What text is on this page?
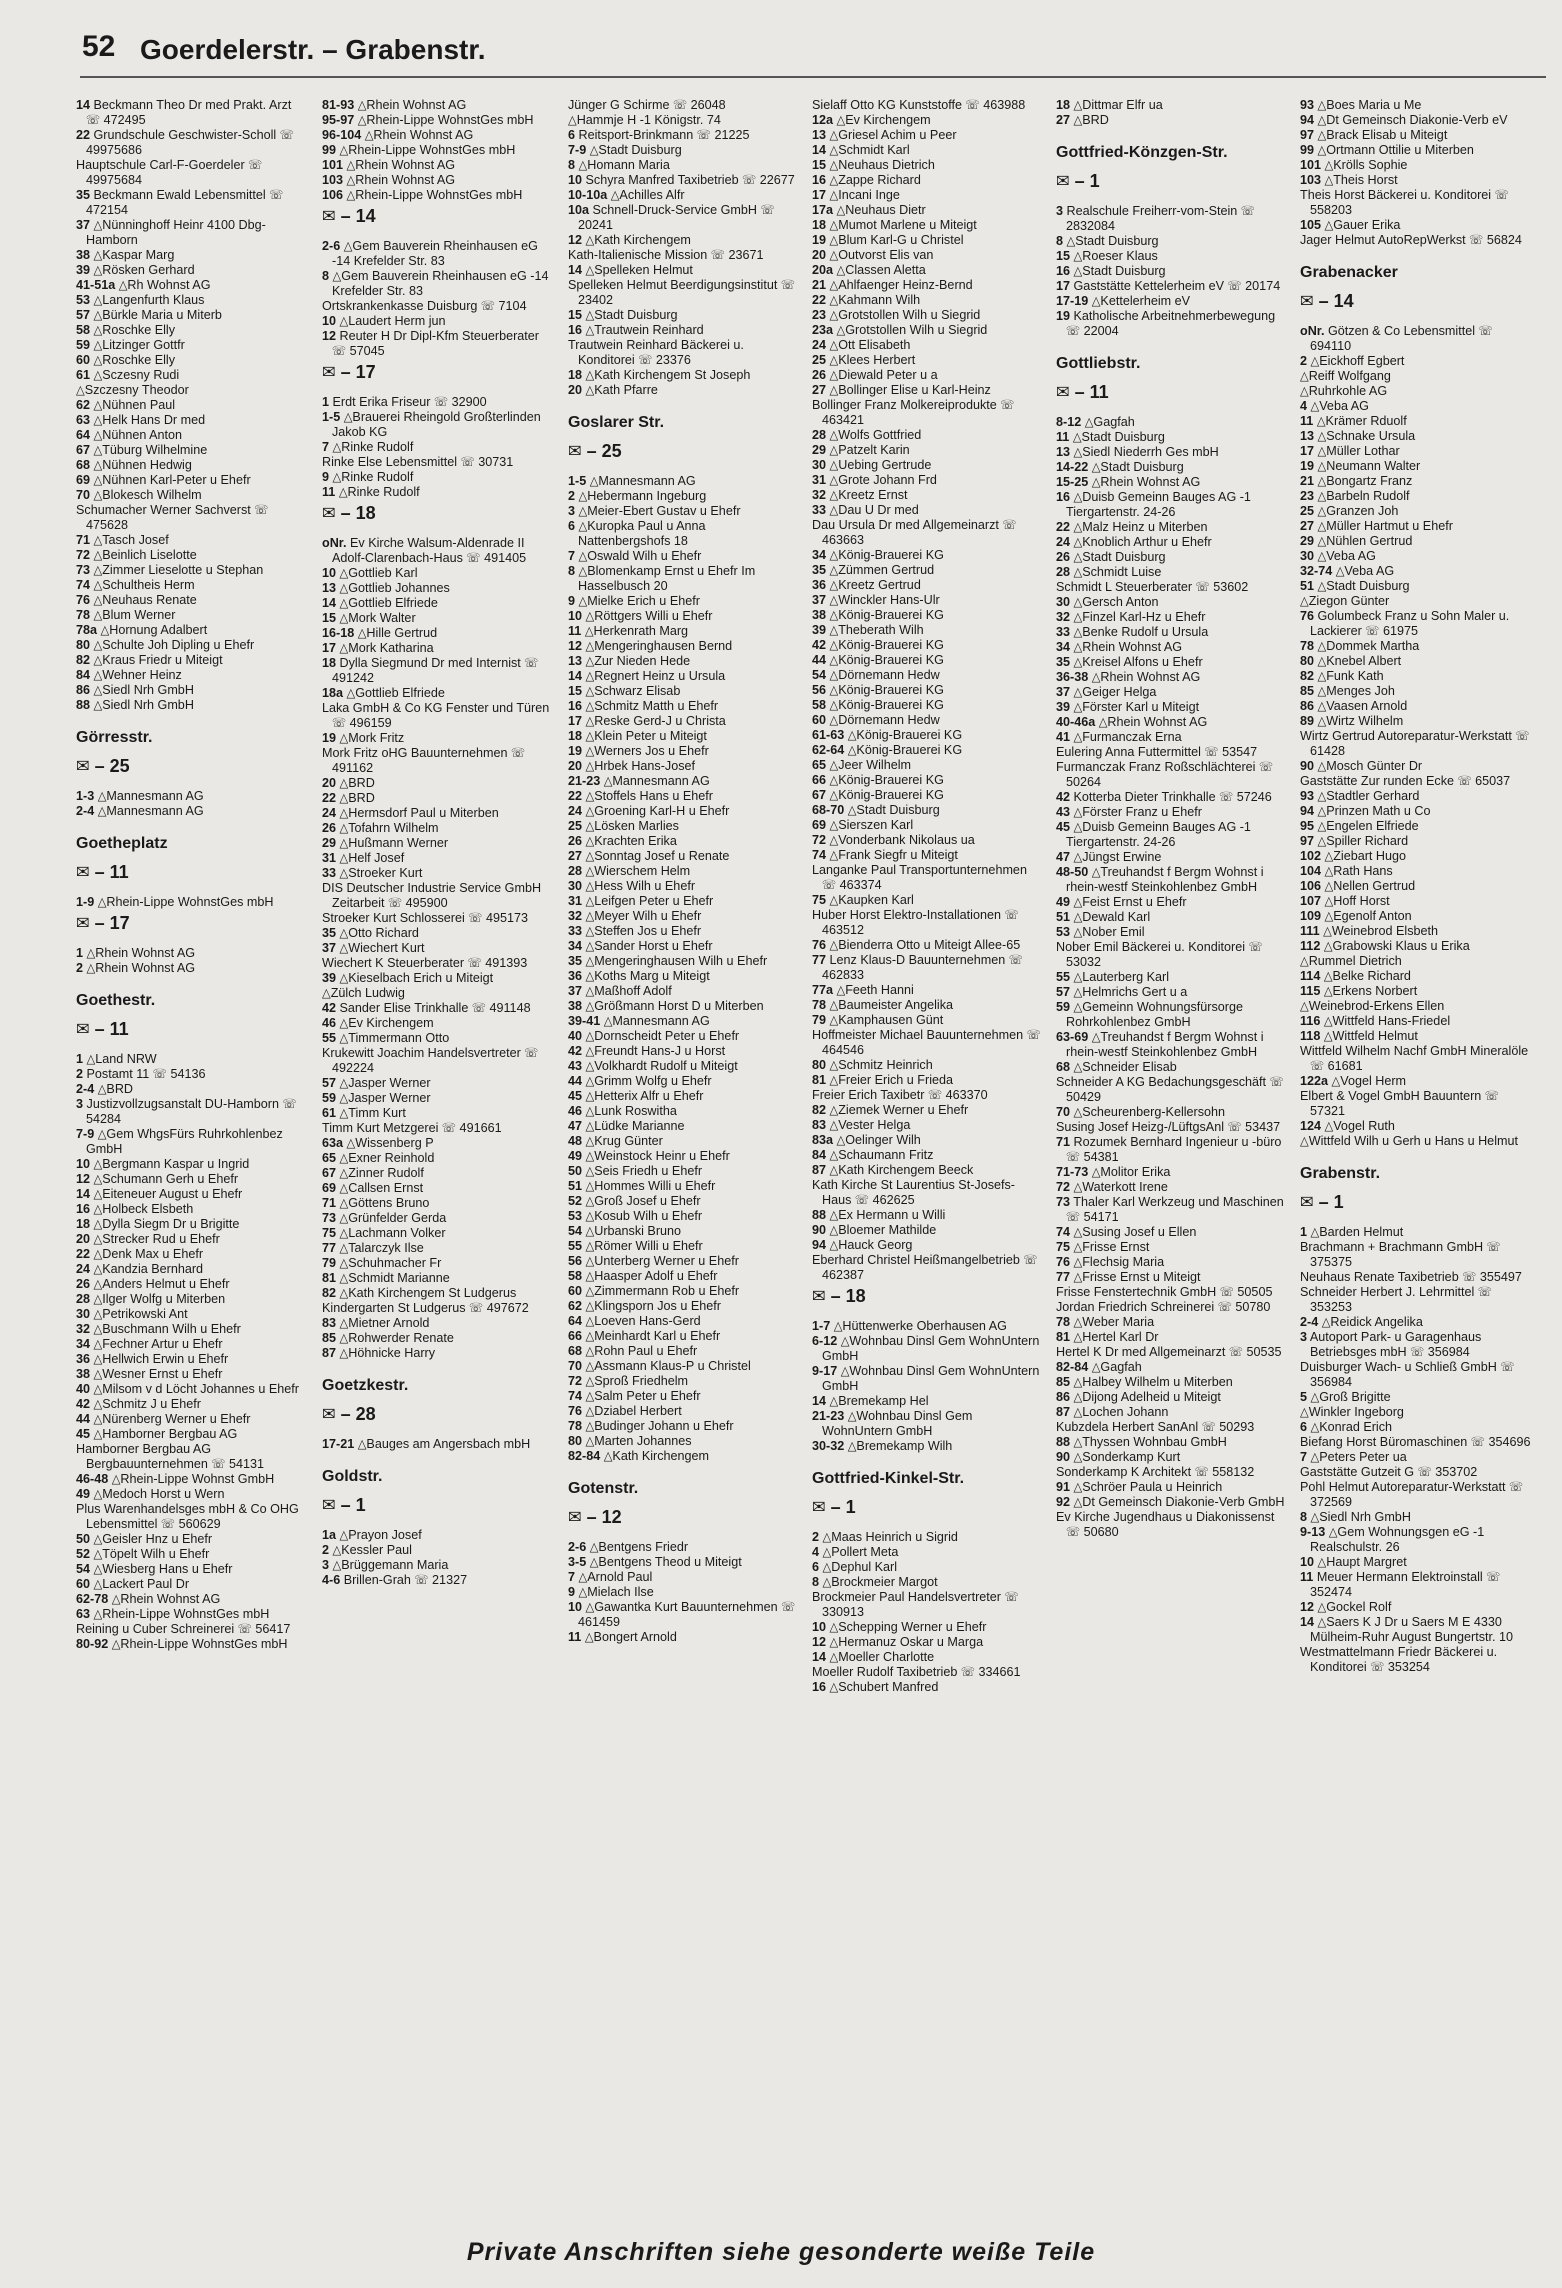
52 Goerdelerstr. – Grabenstr.
14 Beckmann Theo Dr med Prakt. Arzt ☏ 472495
22 Grundschule Geschwister-Scholl ☏ 49975686
Hauptschule Carl-F-Goerdeler ☏ 49975684
35 Beckmann Ewald Lebensmittel ☏ 472154
37 △Nünninghoff Heinr 4100 Dbg-Hamborn
38 △Kaspar Marg
39 △Rösken Gerhard
41-51a △Rh Wohnst AG
53 △Langenfurth Klaus
57 △Bürkle Maria u Miterb
58 △Roschke Elly
59 △Litzinger Gottfr
60 △Roschke Elly
61 △Sczesny Rudi
△Szczesny Theodor
62 △Nühnen Paul
63 △Helk Hans Dr med
64 △Nühnen Anton
67 △Tüburg Wilhelmine
68 △Nühnen Hedwig
69 △Nühnen Karl-Peter u Ehefr
70 △Blokesch Wilhelm
Schumacher Werner Sachverst ☏ 475628
71 △Tasch Josef
72 △Beinlich Liselotte
73 △Zimmer Lieselotte u Stephan
74 △Schultheis Herm
76 △Neuhaus Renate
78 △Blum Werner
78a △Hornung Adalbert
80 △Schulte Joh Dipling u Ehefr
82 △Kraus Friedr u Miteigt
84 △Wehner Heinz
86 △Siedl Nrh GmbH
88 △Siedl Nrh GmbH
Görresstr.
✉ – 25
1-3 △Mannesmann AG
2-4 △Mannesmann AG
Goetheplatz
✉ – 11
1-9 △Rhein-Lippe WohnstGes mbH
✉ – 17
1 △Rhein Wohnst AG
2 △Rhein Wohnst AG
Goethestr.
✉ – 11
1 △Land NRW
2 Postamt 11 ☏ 54136
2-4 △BRD
3 Justizvollzugsanstalt DU-Hamborn ☏ 54284
7-9 △Gem WhgsFürs Ruhrkohlenbez GmbH
10 △Bergmann Kaspar u Ingrid
12 △Schumann Gerh u Ehefr
14 △Eiteneuer August u Ehefr
16 △Holbeck Elsbeth
18 △Dylla Siegm Dr u Brigitte
20 △Strecker Rud u Ehefr
22 △Denk Max u Ehefr
24 △Kandzia Bernhard
26 △Anders Helmut u Ehefr
28 △Ilger Wolfg u Miterben
30 △Petrikowski Ant
32 △Buschmann Wilh u Ehefr
34 △Fechner Artur u Ehefr
36 △Hellwich Erwin u Ehefr
38 △Wesner Ernst u Ehefr
40 △Milsom v d Löcht Johannes u Ehefr
42 △Schmitz J u Ehefr
44 △Nürenberg Werner u Ehefr
45 △Hamborner Bergbau AG
Hamborner Bergbau AG Bergbauunternehmen ☏ 54131
46-48 △Rhein-Lippe Wohnst GmbH
49 △Medoch Horst u Wern
Plus Warenhandelsges mbH & Co OHG Lebensmittel ☏ 560629
50 △Geisler Hnz u Ehefr
52 △Töpelt Wilh u Ehefr
54 △Wiesberg Hans u Ehefr
60 △Lackert Paul Dr
62-78 △Rhein Wohnst AG
63 △Rhein-Lippe WohnstGes mbH
Reining u Cuber Schreinerei ☏ 56417
80-92 △Rhein-Lippe WohnstGes mbH
81-93 △Rhein Wohnst AG
95-97 △Rhein-Lippe WohnstGes mbH
96-104 △Rhein Wohnst AG
99 △Rhein-Lippe WohnstGes mbH
101 △Rhein Wohnst AG
103 △Rhein Wohnst AG
106 △Rhein-Lippe WohnstGes mbH
✉ – 14
2-6 △Gem Bauverein Rheinhausen eG -14 Krefelder Str. 83
8 △Gem Bauverein Rheinhausen eG -14 Krefelder Str. 83
Ortskrankenkasse Duisburg ☏ 7104
10 △Laudert Herm jun
12 Reuter H Dr Dipl-Kfm Steuerberater ☏ 57045
✉ – 17
1 Erdt Erika Friseur ☏ 32900
1-5 △Brauerei Rheingold Großterlinden Jakob KG
7 △Rinke Rudolf
Rinke Else Lebensmittel ☏ 30731
9 △Rinke Rudolf
11 △Rinke Rudolf
✉ – 18
oNr. Ev Kirche Walsum-Aldenrade II Adolf-Clarenbach-Haus ☏ 491405
10 △Gottlieb Karl
13 △Gottlieb Johannes
14 △Gottlieb Elfriede
15 △Mork Walter
16-18 △Hille Gertrud
17 △Mork Katharina
18 Dylla Siegmund Dr med Internist ☏ 491242
18a △Gottlieb Elfriede
Laka GmbH & Co KG Fenster und Türen ☏ 496159
19 △Mork Fritz
Mork Fritz oHG Bauunternehmen ☏ 491162
20 △BRD
22 △BRD
24 △Hermsdorf Paul u Miterben
26 △Tofahrn Wilhelm
29 △Hußmann Werner
31 △Helf Josef
33 △Stroeker Kurt
DIS Deutscher Industrie Service GmbH Zeitarbeit ☏ 495900
Stroeker Kurt Schlosserei ☏ 495173
35 △Otto Richard
37 △Wiechert Kurt
Wiechert K Steuerberater ☏ 491393
39 △Kieselbach Erich u Miteigt
△Zülch Ludwig
42 Sander Elise Trinkhalle ☏ 491148
46 △Ev Kirchengem
55 △Timmermann Otto
Krukewitt Joachim Handelsvertreter ☏ 492224
57 △Jasper Werner
59 △Jasper Werner
61 △Timm Kurt
Timm Kurt Metzgerei ☏ 491661
63a △Wissenberg P
65 △Exner Reinhold
67 △Zinner Rudolf
69 △Callsen Ernst
71 △Göttens Bruno
73 △Grünfelder Gerda
75 △Lachmann Volker
77 △Talarczyk Ilse
79 △Schuhmacher Fr
81 △Schmidt Marianne
82 △Kath Kirchengem St Ludgerus
Kindergarten St Ludgerus ☏ 497672
83 △Mietner Arnold
85 △Rohwerder Renate
87 △Höhnicke Harry
Goetzkestr.
✉ – 28
17-21 △Bauges am Angersbach mbH
Goldstr.
✉ – 1
1a △Prayon Josef
2 △Kessler Paul
3 △Brüggemann Maria
4-6 Brillen-Grah ☏ 21327
Jünger G Schirme ☏ 26048
△Hammje H -1 Königstr. 74
6 Reitsport-Brinkmann ☏ 21225
7-9 △Stadt Duisburg
8 △Homann Maria
10 Schyra Manfred Taxibetrieb ☏ 22677
10-10a △Achilles Alfr
10a Schnell-Druck-Service GmbH ☏ 20241
12 △Kath Kirchengem
Kath-Italienische Mission ☏ 23671
14 △Spelleken Helmut
Spelleken Helmut Beerdigungsinstitut ☏ 23402
15 △Stadt Duisburg
16 △Trautwein Reinhard
Trautwein Reinhard Bäckerei u. Konditorei ☏ 23376
18 △Kath Kirchengem St Joseph
20 △Kath Pfarre
Goslarer Str.
✉ – 25
1-5 △Mannesmann AG
2 △Hebermann Ingeburg
3 △Meier-Ebert Gustav u Ehefr
6 △Kuropka Paul u Anna Nattenbergshofs 18
7 △Oswald Wilh u Ehefr
8 △Blomenkamp Ernst u Ehefr Im Hasselbusch 20
9 △Mielke Erich u Ehefr
10 △Röttgers Willi u Ehefr
11 △Herkenrath Marg
12 △Mengeringhausen Bernd
13 △Zur Nieden Hede
14 △Regnert Heinz u Ursula
15 △Schwarz Elisab
16 △Schmitz Matth u Ehefr
17 △Reske Gerd-J u Christa
18 △Klein Peter u Miteigt
19 △Werners Jos u Ehefr
20 △Hrbek Hans-Josef
21-23 △Mannesmann AG
22 △Stoffels Hans u Ehefr
24 △Groening Karl-H u Ehefr
25 △Lösken Marlies
26 △Krachten Erika
27 △Sonntag Josef u Renate
28 △Wierschem Helm
30 △Hess Wilh u Ehefr
31 △Leifgen Peter u Ehefr
32 △Meyer Wilh u Ehefr
33 △Steffen Jos u Ehefr
34 △Sander Horst u Ehefr
35 △Mengeringhausen Wilh u Ehefr
36 △Koths Marg u Miteigt
37 △Maßhoff Adolf
38 △Größmann Horst D u Miterben
39-41 △Mannesmann AG
40 △Dornscheidt Peter u Ehefr
42 △Freundt Hans-J u Horst
43 △Volkhardt Rudolf u Miteigt
44 △Grimm Wolfg u Ehefr
45 △Hetterix Alfr u Ehefr
46 △Lunk Roswitha
47 △Lüdke Marianne
48 △Krug Günter
49 △Weinstock Heinr u Ehefr
50 △Seis Friedh u Ehefr
51 △Hommes Willi u Ehefr
52 △Groß Josef u Ehefr
53 △Kosub Wilh u Ehefr
54 △Urbanski Bruno
55 △Römer Willi u Ehefr
56 △Unterberg Werner u Ehefr
58 △Haasper Adolf u Ehefr
60 △Zimmermann Rob u Ehefr
62 △Klingsporn Jos u Ehefr
64 △Loeven Hans-Gerd
66 △Meinhardt Karl u Ehefr
68 △Rohn Paul u Ehefr
70 △Assmann Klaus-P u Christel
72 △Sproß Friedhelm
74 △Salm Peter u Ehefr
76 △Dziabel Herbert
78 △Budinger Johann u Ehefr
80 △Marten Johannes
82-84 △Kath Kirchengem
Gotenstr.
✉ – 12
2-6 △Bentgens Friedr
3-5 △Bentgens Theod u Miteigt
7 △Arnold Paul
9 △Mielach Ilse
10 △Gawantka Kurt Bauunternehmen ☏ 461459
11 △Bongert Arnold
Sielaff Otto KG Kunststoffe ☏ 463988
12a △Ev Kirchengem
13 △Griesel Achim u Peer
14 △Schmidt Karl
15 △Neuhaus Dietrich
16 △Zappe Richard
17 △Incani Inge
17a △Neuhaus Dietr
18 △Mumot Marlene u Miteigt
19 △Blum Karl-G u Christel
20 △Outvorst Elis van
20a △Classen Aletta
21 △Ahlfaenger Heinz-Bernd
22 △Kahmann Wilh
23 △Grotstollen Wilh u Siegrid
23a △Grotstollen Wilh u Siegrid
24 △Ott Elisabeth
25 △Klees Herbert
26 △Diewald Peter u a
27 △Bollinger Elise u Karl-Heinz
Bollinger Franz Molkereiprodukte ☏ 463421
28 △Wolfs Gottfried
29 △Patzelt Karin
30 △Uebing Gertrude
31 △Grote Johann Frd
32 △Kreetz Ernst
33 △Dau U Dr med
Dau Ursula Dr med Allgemeinarzt ☏ 463663
34 △König-Brauerei KG
35 △Zümmen Gertrud
36 △Kreetz Gertrud
37 △Winckler Hans-Ulr
38 △König-Brauerei KG
39 △Theberath Wilh
42 △König-Brauerei KG
44 △König-Brauerei KG
54 △Dörnemann Hedw
56 △König-Brauerei KG
58 △König-Brauerei KG
60 △Dörnemann Hedw
61-63 △König-Brauerei KG
62-64 △König-Brauerei KG
65 △Jeer Wilhelm
66 △König-Brauerei KG
67 △König-Brauerei KG
68-70 △Stadt Duisburg
69 △Sierszen Karl
72 △Vonderbank Nikolaus ua
74 △Frank Siegfr u Miteigt
Langanke Paul Transportunternehmen ☏ 463374
75 △Kaupken Karl
Huber Horst Elektro-Installationen ☏ 463512
76 △Bienderra Otto u Miteigt Allee-65
77 Lenz Klaus-D Bauunternehmen ☏ 462833
77a △Feeth Hanni
78 △Baumeister Angelika
79 △Kamphausen Günt
Hoffmeister Michael Bauunternehmen ☏ 464546
80 △Schmitz Heinrich
81 △Freier Erich u Frieda
Freier Erich Taxibetr ☏ 463370
82 △Ziemek Werner u Ehefr
83 △Vester Helga
83a △Oelinger Wilh
84 △Schaumann Fritz
87 △Kath Kirchengem Beeck
Kath Kirche St Laurentius St-Josefs-Haus ☏ 462625
88 △Ex Hermann u Willi
90 △Bloemer Mathilde
94 △Hauck Georg
Eberhard Christel Heißmangelbetrieb ☏ 462387
✉ – 18
1-7 △Hüttenwerke Oberhausen AG
6-12 △Wohnbau Dinsl Gem WohnUntern GmbH
9-17 △Wohnbau Dinsl Gem WohnUntern GmbH
14 △Bremekamp Hel
21-23 △Wohnbau Dinsl Gem WohnUntern GmbH
30-32 △Bremekamp Wilh
Gottfried-Kinkel-Str.
✉ – 1
2 △Maas Heinrich u Sigrid
4 △Pollert Meta
6 △Dephul Karl
8 △Brockmeier Margot
Brockmeier Paul Handelsvertreter ☏ 330913
10 △Schepping Werner u Ehefr
12 △Hermanuz Oskar u Marga
14 △Moeller Charlotte
Moeller Rudolf Taxibetrieb ☏ 334661
16 △Schubert Manfred
18 △Dittmar Elfr ua
27 △BRD
Gottfried-Könzgen-Str.
✉ – 1
3 Realschule Freiherr-vom-Stein ☏ 2832084
8 △Stadt Duisburg
15 △Roeser Klaus
16 △Stadt Duisburg
17 Gaststätte Kettelerheim eV ☏ 20174
17-19 △Kettelerheim eV
19 Katholische Arbeitnehmerbewegung ☏ 22004
Gottliebstr.
✉ – 11
8-12 △Gagfah
11 △Stadt Duisburg
13 △Siedl Niederrh Ges mbH
14-22 △Stadt Duisburg
15-25 △Rhein Wohnst AG
16 △Duisb Gemeinn Bauges AG -1 Tiergartenstr. 24-26
22 △Malz Heinz u Miterben
24 △Knoblich Arthur u Ehefr
26 △Stadt Duisburg
28 △Schmidt Luise
Schmidt L Steuerberater ☏ 53602
30 △Gersch Anton
32 △Finzel Karl-Hz u Ehefr
33 △Benke Rudolf u Ursula
34 △Rhein Wohnst AG
35 △Kreisel Alfons u Ehefr
36-38 △Rhein Wohnst AG
37 △Geiger Helga
39 △Förster Karl u Miteigt
40-46a △Rhein Wohnst AG
41 △Furmanczak Erna
Eulering Anna Futtermittel ☏ 53547
Furmanczak Franz Roßschlächterei ☏ 50264
42 Kotterba Dieter Trinkhalle ☏ 57246
43 △Förster Franz u Ehefr
45 △Duisb Gemeinn Bauges AG -1 Tiergartenstr. 24-26
47 △Jüngst Erwine
48-50 △Treuhandst f Bergm Wohnst i rhein-westf Steinkohlenbez GmbH
49 △Feist Ernst u Ehefr
51 △Dewald Karl
53 △Nober Emil
Nober Emil Bäckerei u. Konditorei ☏ 53032
55 △Lauterberg Karl
57 △Helmrichs Gert u a
59 △Gemeinn Wohnungsfürsorge Rohrkohlenbez GmbH
63-69 △Treuhandst f Bergm Wohnst i rhein-westf Steinkohlenbez GmbH
68 △Schneider Elisab
Schneider A KG Bedachungsgeschäft ☏ 50429
70 △Scheurenberg-Kellersohn
Susing Josef Heizg-/LüftgsAnl ☏ 53437
71 Rozumek Bernhard Ingenieur u -büro ☏ 54381
71-73 △Molitor Erika
72 △Waterkott Irene
73 Thaler Karl Werkzeug und Maschinen ☏ 54171
74 △Susing Josef u Ellen
75 △Frisse Ernst
76 △Flechsig Maria
77 △Frisse Ernst u Miteigt
Frisse Fenstertechnik GmbH ☏ 50505
Jordan Friedrich Schreinerei ☏ 50780
78 △Weber Maria
81 △Hertel Karl Dr
Hertel K Dr med Allgemeinarzt ☏ 50535
82-84 △Gagfah
85 △Halbey Wilhelm u Miterben
86 △Dijong Adelheid u Miteigt
87 △Lochen Johann
Kubzdela Herbert SanAnl ☏ 50293
88 △Thyssen Wohnbau GmbH
90 △Sonderkamp Kurt
Sonderkamp K Architekt ☏ 558132
91 △Schröer Paula u Heinrich
92 △Dt Gemeinsch Diakonie-Verb GmbH
Ev Kirche Jugendhaus u Diakonissenst ☏ 50680
93 △Boes Maria u Me
94 △Dt Gemeinsch Diakonie-Verb eV
97 △Brack Elisab u Miteigt
99 △Ortmann Ottilie u Miterben
101 △Krölls Sophie
103 △Theis Horst
Theis Horst Bäckerei u. Konditorei ☏ 558203
105 △Gauer Erika
Jager Helmut AutoRepWerkst ☏ 56824
Grabenacker
✉ – 14
oNr. Götzen & Co Lebensmittel ☏ 694110
2 △Eickhoff Egbert
△Reiff Wolfgang
△Ruhrkohle AG
4 △Veba AG
11 △Krämer Rduolf
13 △Schnake Ursula
17 △Müller Lothar
19 △Neumann Walter
21 △Bongartz Franz
23 △Barbeln Rudolf
25 △Granzen Joh
27 △Müller Hartmut u Ehefr
29 △Nühlen Gertrud
30 △Veba AG
32-74 △Veba AG
51 △Stadt Duisburg
△Ziegon Günter
76 Golumbeck Franz u Sohn Maler u. Lackierer ☏ 61975
78 △Dommek Martha
80 △Knebel Albert
82 △Funk Kath
85 △Menges Joh
86 △Vaasen Arnold
89 △Wirtz Wilhelm
Wirtz Gertrud Autoreparatur-Werkstatt ☏ 61428
90 △Mosch Günter Dr
Gaststätte Zur runden Ecke ☏ 65037
93 △Stadtler Gerhard
94 △Prinzen Math u Co
95 △Engelen Elfriede
97 △Spiller Richard
102 △Ziebart Hugo
104 △Rath Hans
106 △Nellen Gertrud
107 △Hoff Horst
109 △Egenolf Anton
111 △Weinebrod Elsbeth
112 △Grabowski Klaus u Erika
△Rummel Dietrich
114 △Belke Richard
115 △Erkens Norbert
△Weinebrod-Erkens Ellen
116 △Wittfeld Hans-Friedel
118 △Wittfeld Helmut
Wittfeld Wilhelm Nachf GmbH Mineralöle ☏ 61681
122a △Vogel Herm
Elbert & Vogel GmbH Bauuntern ☏ 57321
124 △Vogel Ruth
△Wittfeld Wilh u Gerh u Hans u Helmut
Grabenstr.
✉ – 1
1 △Barden Helmut
Brachmann + Brachmann GmbH ☏ 375375
Neuhaus Renate Taxibetrieb ☏ 355497
Schneider Herbert J. Lehrmittel ☏ 353253
2-4 △Reidick Angelika
3 Autoport Park- u Garagenhaus Betriebsges mbH ☏ 356984
Duisburger Wach- u Schließ GmbH ☏ 356984
5 △Groß Brigitte
△Winkler Ingeborg
6 △Konrad Erich
Biefang Horst Büromaschinen ☏ 354696
7 △Peters Peter ua
Gaststätte Gutzeit G ☏ 353702
Pohl Helmut Autoreparatur-Werkstatt ☏ 372569
8 △Siedl Nrh GmbH
9-13 △Gem Wohnungsgen eG -1 Realschulstr. 26
10 △Haupt Margret
11 Meuer Hermann Elektroinstall ☏ 352474
12 △Gockel Rolf
14 △Saers K J Dr u Saers M E 4330 Mülheim-Ruhr August Bungertstr. 10
Westmattelmann Friedr Bäckerei u. Konditorei ☏ 353254
Private Anschriften siehe gesonderte weiße Teile
